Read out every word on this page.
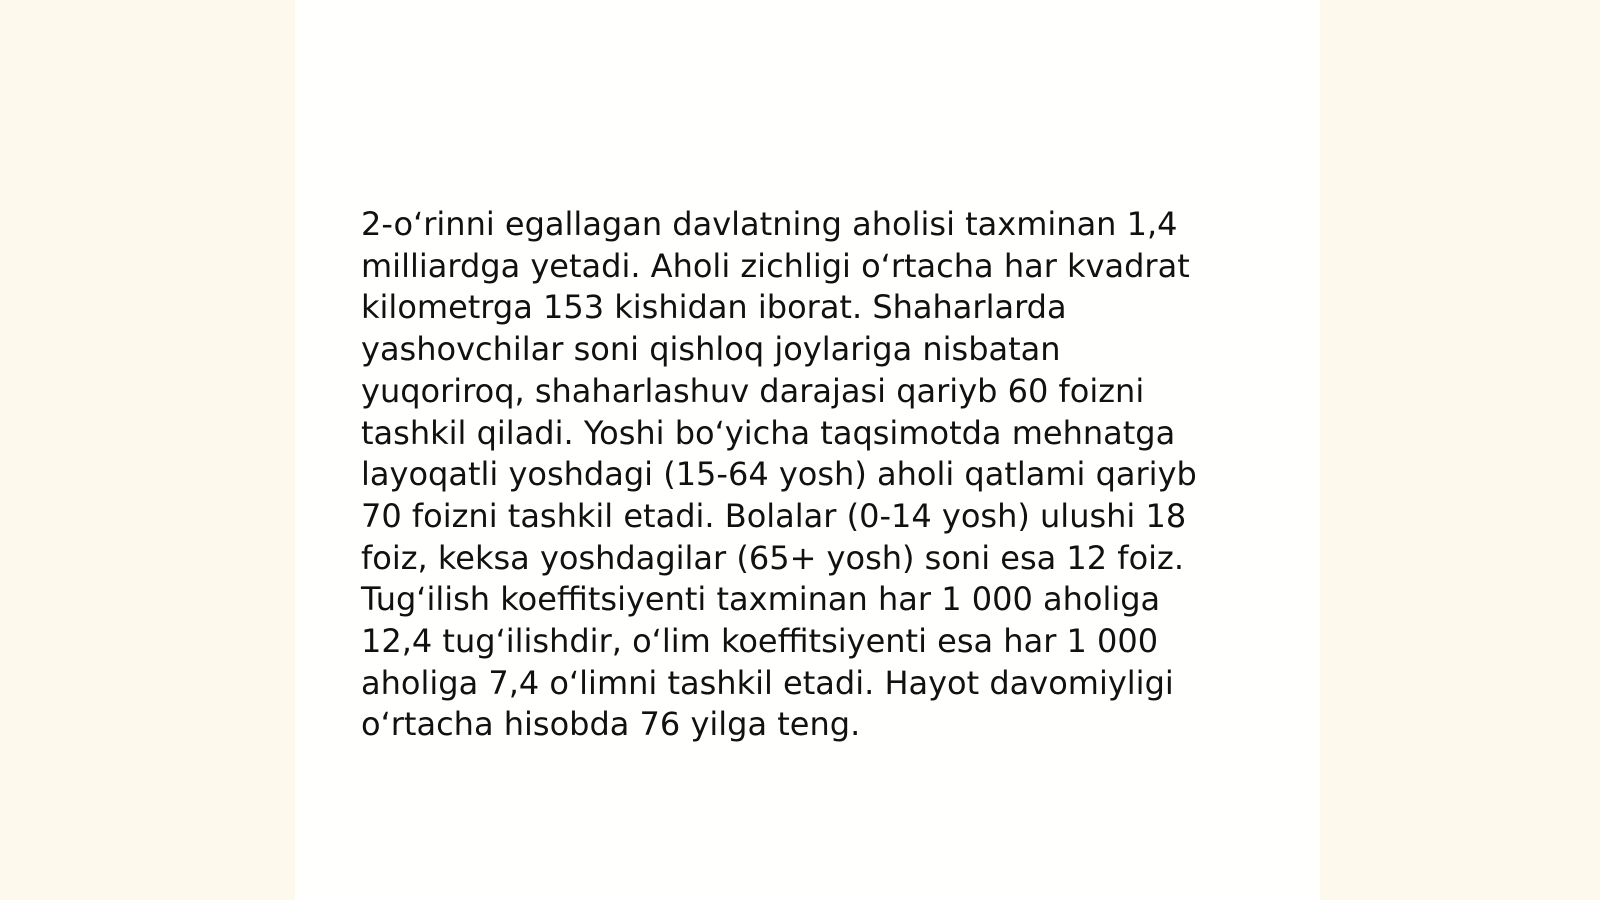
2-o‘rinni egallagan davlatning aholisi taxminan 1,4
milliardga yetadi. Aholi zichligi o‘rtacha har kvadrat
kilometrga 153 kishidan iborat. Shaharlarda
yashovchilar soni qishloq joylariga nisbatan
yuqoriroq, shaharlashuv darajasi qariyb 60 foizni
tashkil qiladi. Yoshi bo‘yicha taqsimotda mehnatga
layoqatli yoshdagi (15-64 yosh) aholi qatlami qariyb
70 foizni tashkil etadi. Bolalar (0-14 yosh) ulushi 18
foiz, keksa yoshdagilar (65+ yosh) soni esa 12 foiz.
Tug‘ilish koeffitsiyenti taxminan har 1 000 aholiga
12,4 tug‘ilishdir, o‘lim koeffitsiyenti esa har 1 000
aholiga 7,4 o‘limni tashkil etadi. Hayot davomiyligi
o‘rtacha hisobda 76 yilga teng.
